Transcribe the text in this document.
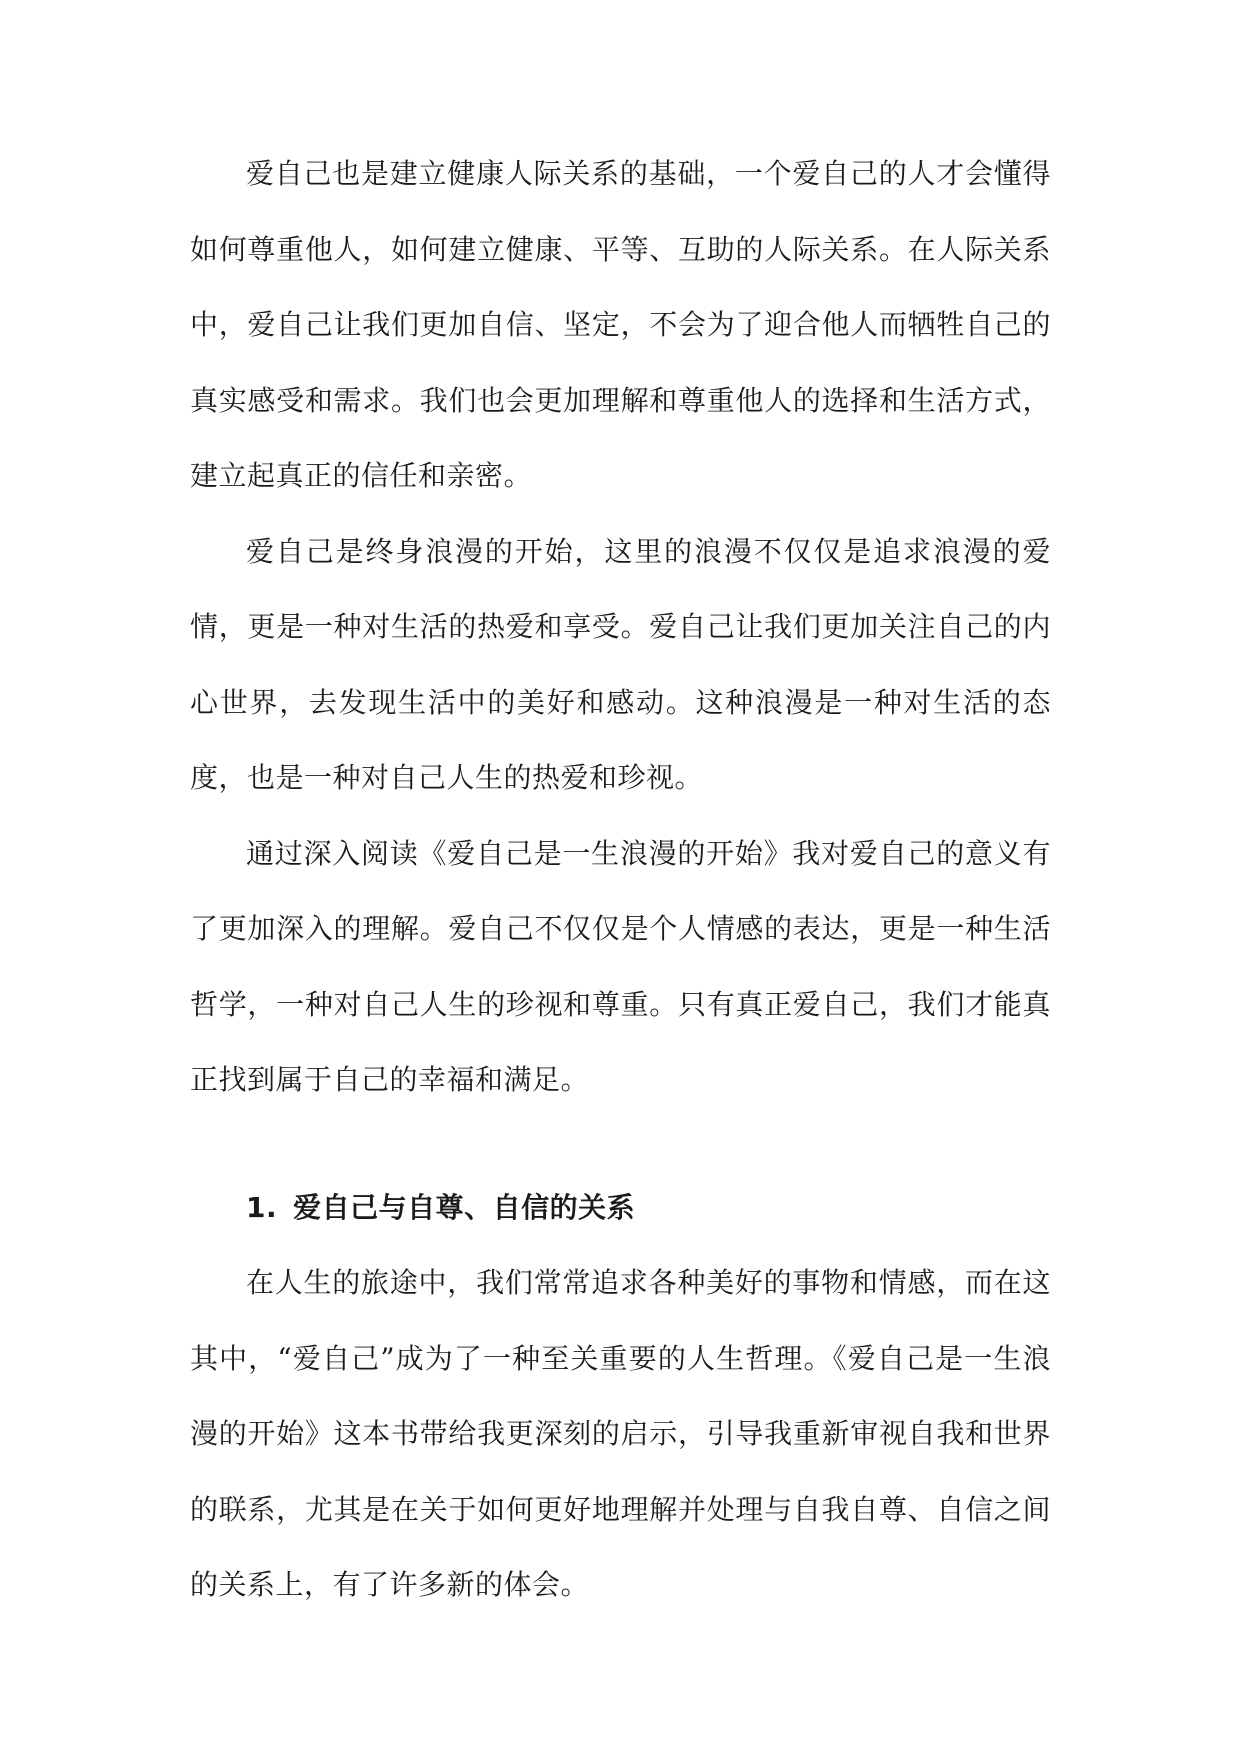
爱自己也是建立健康人际关系的基础，一个爱自己的人才会懂得如何尊重他人，如何建立健康、平等、互助的人际关系。在人际关系中，爱自己让我们更加自信、坚定，不会为了迎合他人而牺牲自己的真实感受和需求。我们也会更加理解和尊重他人的选择和生活方式，建立起真正的信任和亲密。

爱自己是终身浪漫的开始，这里的浪漫不仅仅是追求浪漫的爱情，更是一种对生活的热爱和享受。爱自己让我们更加关注自己的内心世界，去发现生活中的美好和感动。这种浪漫是一种对生活的态度，也是一种对自己人生的热爱和珍视。

通过深入阅读《爱自己是一生浪漫的开始》我对爱自己的意义有了更加深入的理解。爱自己不仅仅是个人情感的表达，更是一种生活哲学，一种对自己人生的珍视和尊重。只有真正爱自己，我们才能真正找到属于自己的幸福和满足。

1. 爱自己与自尊、自信的关系

在人生的旅途中，我们常常追求各种美好的事物和情感，而在这其中，“爱自己”成为了一种至关重要的人生哲理。《爱自己是一生浪漫的开始》这本书带给我更深刻的启示，引导我重新审视自我和世界的联系，尤其是在关于如何更好地理解并处理与自我自尊、自信之间的关系上，有了许多新的体会。
